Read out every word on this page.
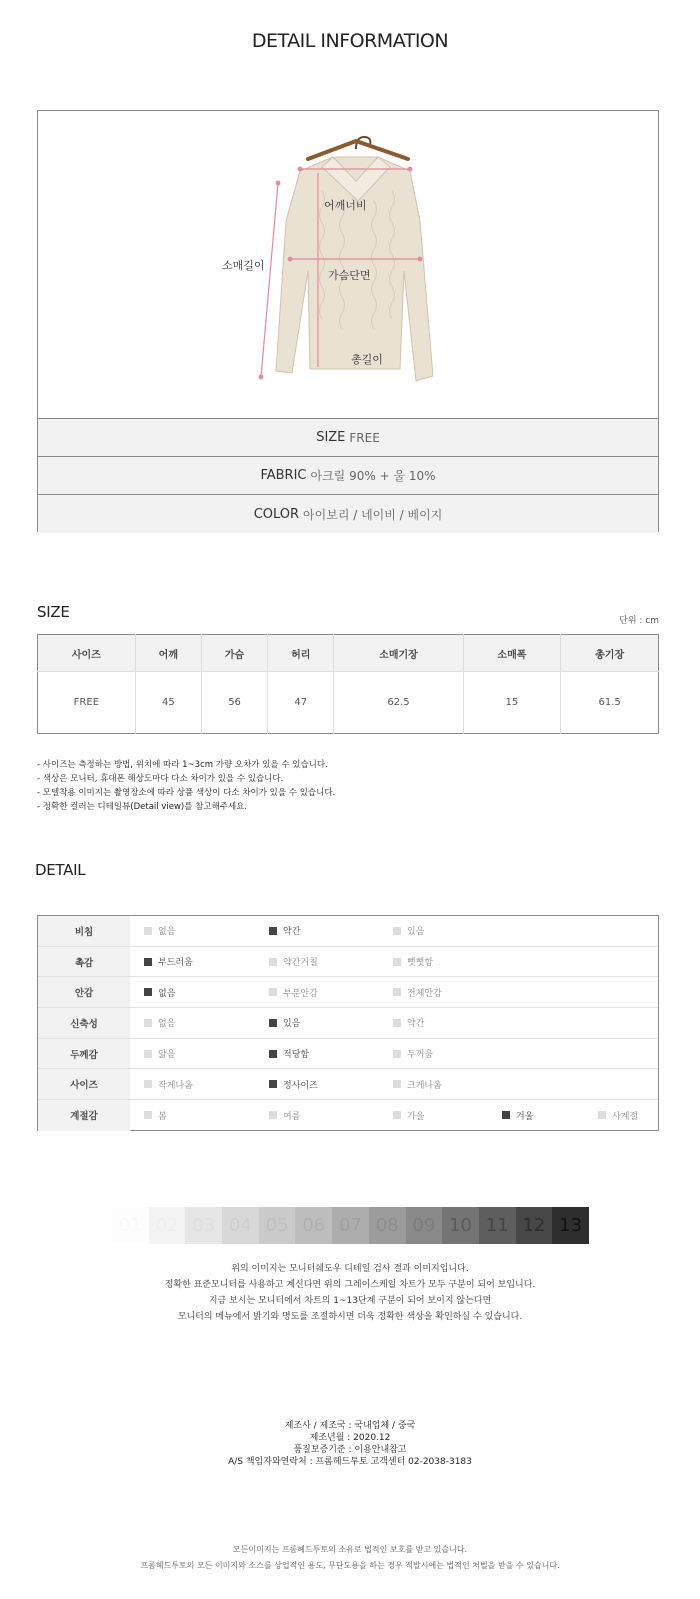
DETAIL INFORMATION
어깨너비
소매길이
가슴단면
총길이
SIZE FREE
FABRIC 아크릴 90% + 울 10%
COLOR 아이보리 / 네이비 / 베이지
SIZE	단위 : cm
사이즈	어깨	가슴	허리	소매기장	소매폭	총기장
FREE	45	56	47	62.5	15	61.5
- 사이즈는 측정하는 방법, 위치에 따라 1~3cm 가량 오차가 있을 수 있습니다.
- 색상은 모니터, 휴대폰 해상도마다 다소 차이가 있을 수 있습니다.
- 모델착용 이미지는 촬영장소에 따라 상품 색상이 다소 차이가 있을 수 있습니다.
- 정확한 컬러는 디테일뷰(Detail view)를 참고해주세요.
DETAIL
비침	없음	약간	있음
촉감	부드러움	약간거칠	뻣뻣함
안감	없음	부분안감	전체안감
신축성	없음	있음	약간
두께감	얇음	적당함	두꺼움
사이즈	작게나옴	정사이즈	크게나옴
계절감	봄	여름	가을	겨울	사계절
01 02 03 04 05 06 07 08 09 10 11 12 13
위의 이미지는 모니터쉐도우 디테일 검사 결과 이미지입니다.
정확한 표준모니터를 사용하고 계신다면 위의 그레이스케일 차트가 모두 구분이 되어 보입니다.
지금 보시는 모니터에서 차트의 1~13단계 구분이 되어 보이지 않는다면
모니터의 메뉴에서 밝기와 명도를 조절하시면 더욱 정확한 색상을 확인하실 수 있습니다.
제조사 / 제조국 : 국내업체 / 중국
제조년월 : 2020.12
품질보증기준 : 이용안내참고
A/S 책임자와연락처 : 프롬헤드투토 고객센터 02-2038-3183
모든이미지는 프롬헤드투토의 소유로 법적인 보호를 받고 있습니다.
프롬헤드투토의 모든 이미지와 소스를 상업적인 용도, 무단도용을 하는 경우 적발시에는 법적인 처벌을 받을 수 있습니다.
